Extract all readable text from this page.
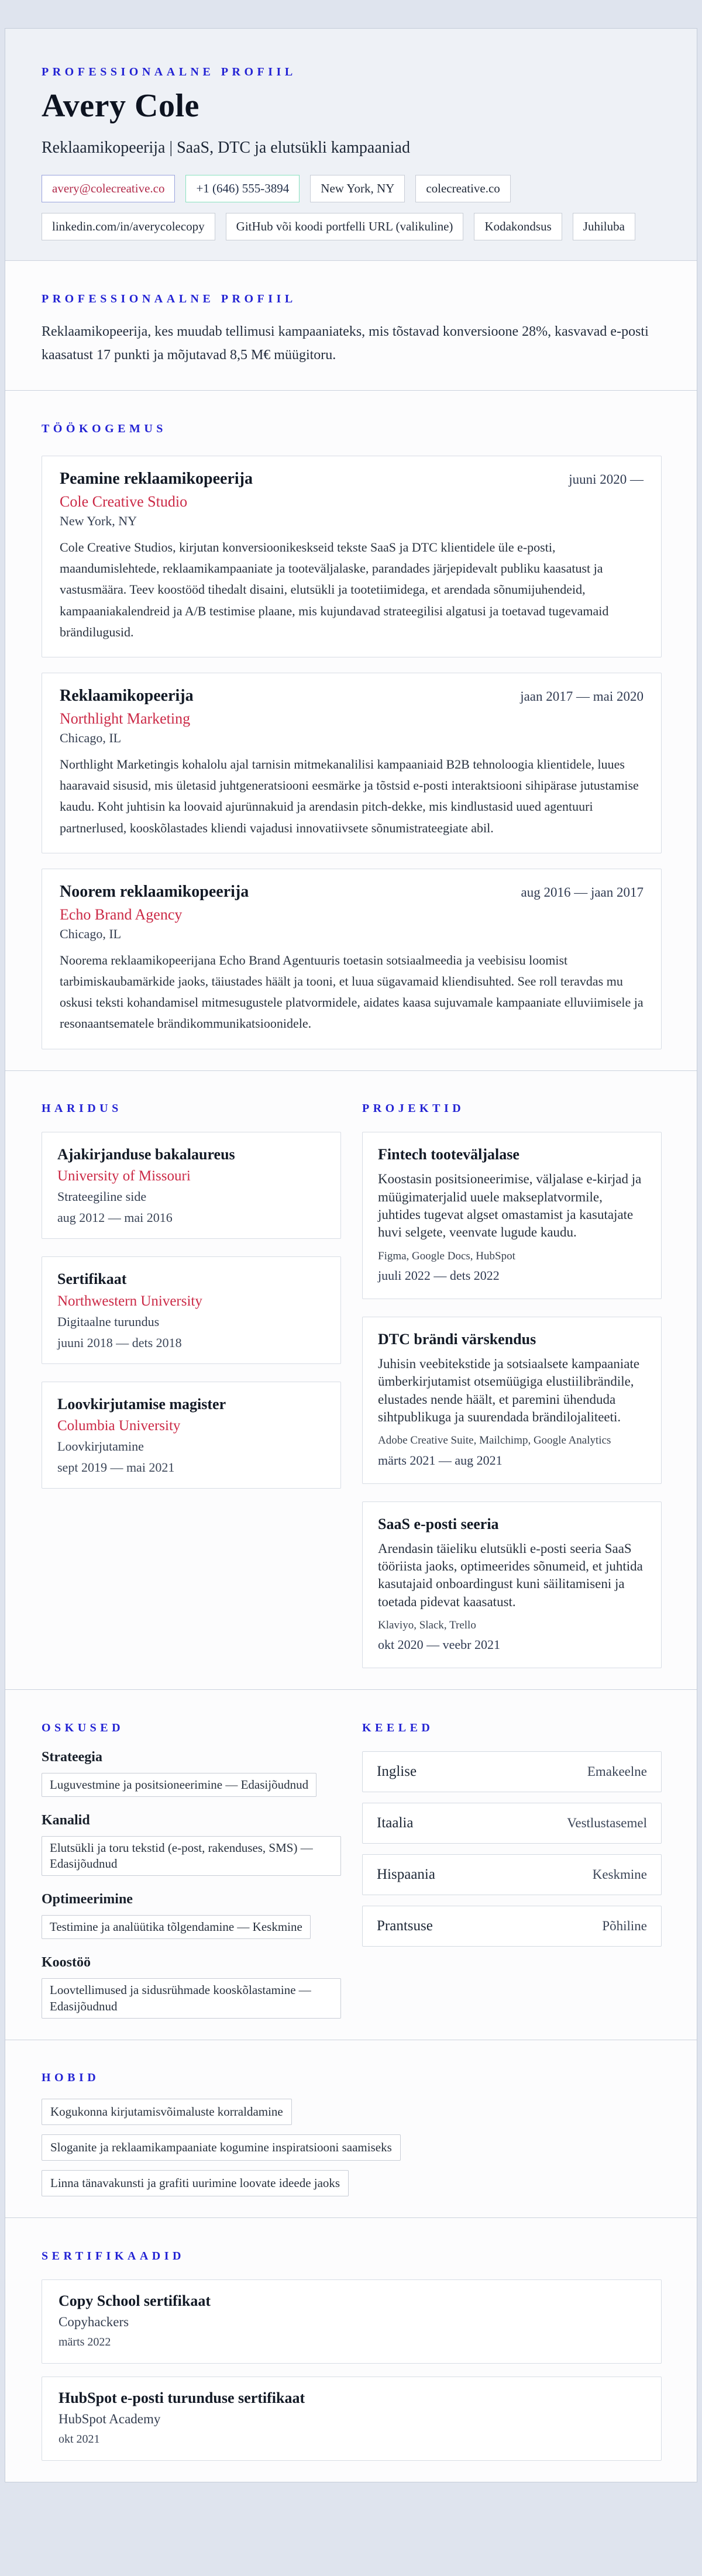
PROFESSIONAALNE PROFIIL
Avery Cole
Reklaamikopeerija | SaaS, DTC ja elutsükli kampaaniad
avery@colecreative.co	+1 (646) 555-3894	New York, NY	colecreative.co
linkedin.com/in/averycolecopy	GitHub või koodi portfelli URL (valikuline)	Kodakondsus	Juhiluba
PROFESSIONAALNE PROFIIL

Reklaamikopeerija, kes muudab tellimusi kampaaniateks, mis tõstavad konversioone 28%, kasvavad e-posti kaasatust 17 punkti ja mõjutavad 8,5 M€ müügitoru.

TÖÖKOGEMUS
Peamine reklaamikopeerija	juuni 2020 —
Cole Creative Studio
New York, NY

Cole Creative Studios, kirjutan konversioonikeskseid tekste SaaS ja DTC klientidele üle e-posti, maandumislehtede, reklaamikampaaniate ja tooteväljalaske, parandades järjepidevalt publiku kaasatust ja vastusmäära. Teev koostööd tihedalt disaini, elutsükli ja tootetiimidega, et arendada sõnumijuhendeid, kampaaniakalendreid ja A/B testimise plaane, mis kujundavad strateegilisi algatusi ja toetavad tugevamaid brändilugusid.

Reklaamikopeerija	jaan 2017 — mai 2020
Northlight Marketing
Chicago, IL

Northlight Marketingis kohalolu ajal tarnisin mitmekanalilisi kampaaniaid B2B tehnoloogia klientidele, luues haaravaid sisusid, mis ületasid juhtgeneratsiooni eesmärke ja tõstsid e-posti interaktsiooni sihipärase jutustamise kaudu. Koht juhtisin ka loovaid ajurünnakuid ja arendasin pitch-dekke, mis kindlustasid uued agentuuri partnerlused, kooskõlastades kliendi vajadusi innovatiivsete sõnumistrateegiate abil.

Noorem reklaamikopeerija	aug 2016 — jaan 2017
Echo Brand Agency
Chicago, IL

Noorema reklaamikopeerijana Echo Brand Agentuuris toetasin sotsiaalmeedia ja veebisisu loomist tarbimiskaubamärkide jaoks, täiustades häält ja tooni, et luua sügavamaid kliendisuhted. See roll teravdas mu oskusi teksti kohandamisel mitmesugustele platvormidele, aidates kaasa sujuvamale kampaaniate elluviimisele ja resonaantsematele brändikommunikatsioonidele.

HARIDUS
Ajakirjanduse bakalaureus
University of Missouri
Strateegiline side
aug 2012 — mai 2016
Sertifikaat
Northwestern University
Digitaalne turundus
juuni 2018 — dets 2018
Loovkirjutamise magister
Columbia University
Loovkirjutamine
sept 2019 — mai 2021
PROJEKTID
Fintech tooteväljalase

Koostasin positsioneerimise, väljalase e-kirjad ja müügimaterjalid uuele makseplatvormile, juhtides tugevat algset omastamist ja kasutajate huvi selgete, veenvate lugude kaudu.

Figma, Google Docs, HubSpot
juuli 2022 — dets 2022
DTC brändi värskendus

Juhisin veebitekstide ja sotsiaalsete kampaaniate ümberkirjutamist otsemüügiga elustiilibrändile, elustades nende häält, et paremini ühenduda sihtpublikuga ja suurendada brändilojaliteeti.

Adobe Creative Suite, Mailchimp, Google Analytics
märts 2021 — aug 2021
SaaS e-posti seeria

Arendasin täieliku elutsükli e-posti seeria SaaS tööriista jaoks, optimeerides sõnumeid, et juhtida kasutajaid onboardingust kuni säilitamiseni ja toetada pidevat kaasatust.

Klaviyo, Slack, Trello
okt 2020 — veebr 2021
OSKUSED
Strateegia
Luguvestmine ja positsioneerimine — Edasijõudnud
Kanalid
Elutsükli ja toru tekstid (e-post, rakenduses, SMS) — Edasijõudnud
Optimeerimine
Testimine ja analüütika tõlgendamine — Keskmine
Koostöö
Loovtellimused ja sidusrühmade kooskõlastamine — Edasijõudnud
KEELED
Inglise	Emakeelne
Itaalia	Vestlustasemel
Hispaania	Keskmine
Prantsuse	Põhiline
HOBID
Kogukonna kirjutamisvõimaluste korraldamine
Sloganite ja reklaamikampaaniate kogumine inspiratsiooni saamiseks
Linna tänavakunsti ja grafiti uurimine loovate ideede jaoks
SERTIFIKAADID
Copy School sertifikaat
Copyhackers
märts 2022
HubSpot e-posti turunduse sertifikaat
HubSpot Academy
okt 2021
